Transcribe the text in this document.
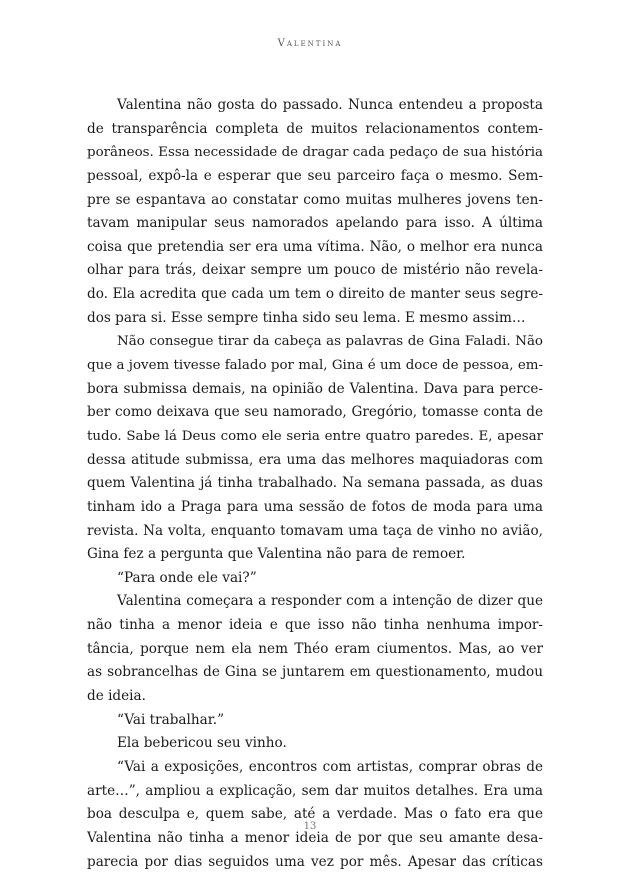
Valentina
Valentina não gosta do passado. Nunca entendeu a proposta
de transparência completa de muitos relacionamentos contem-
porâneos. Essa necessidade de dragar cada pedaço de sua história
pessoal, expô-la e esperar que seu parceiro faça o mesmo. Sem-
pre se espantava ao constatar como muitas mulheres jovens ten-
tavam manipular seus namorados apelando para isso. A última
coisa que pretendia ser era uma vítima. Não, o melhor era nunca
olhar para trás, deixar sempre um pouco de mistério não revela-
do. Ela acredita que cada um tem o direito de manter seus segre-
dos para si. Esse sempre tinha sido seu lema. E mesmo assim…
Não consegue tirar da cabeça as palavras de Gina Faladi. Não
que a jovem tivesse falado por mal, Gina é um doce de pessoa, em-
bora submissa demais, na opinião de Valentina. Dava para perce-
ber como deixava que seu namorado, Gregório, tomasse conta de
tudo. Sabe lá Deus como ele seria entre quatro paredes. E, apesar
dessa atitude submissa, era uma das melhores maquiadoras com
quem Valentina já tinha trabalhado. Na semana passada, as duas
tinham ido a Praga para uma sessão de fotos de moda para uma
revista. Na volta, enquanto tomavam uma taça de vinho no avião,
Gina fez a pergunta que Valentina não para de remoer.
“Para onde ele vai?”
Valentina começara a responder com a intenção de dizer que
não tinha a menor ideia e que isso não tinha nenhuma impor-
tância, porque nem ela nem Théo eram ciumentos. Mas, ao ver
as sobrancelhas de Gina se juntarem em questionamento, mudou
de ideia.
“Vai trabalhar.”
Ela bebericou seu vinho.
“Vai a exposições, encontros com artistas, comprar obras de
arte…”, ampliou a explicação, sem dar muitos detalhes. Era uma
boa desculpa e, quem sabe, até a verdade. Mas o fato era que
Valentina não tinha a menor ideia de por que seu amante desa-
parecia por dias seguidos uma vez por mês. Apesar das críticas
13
